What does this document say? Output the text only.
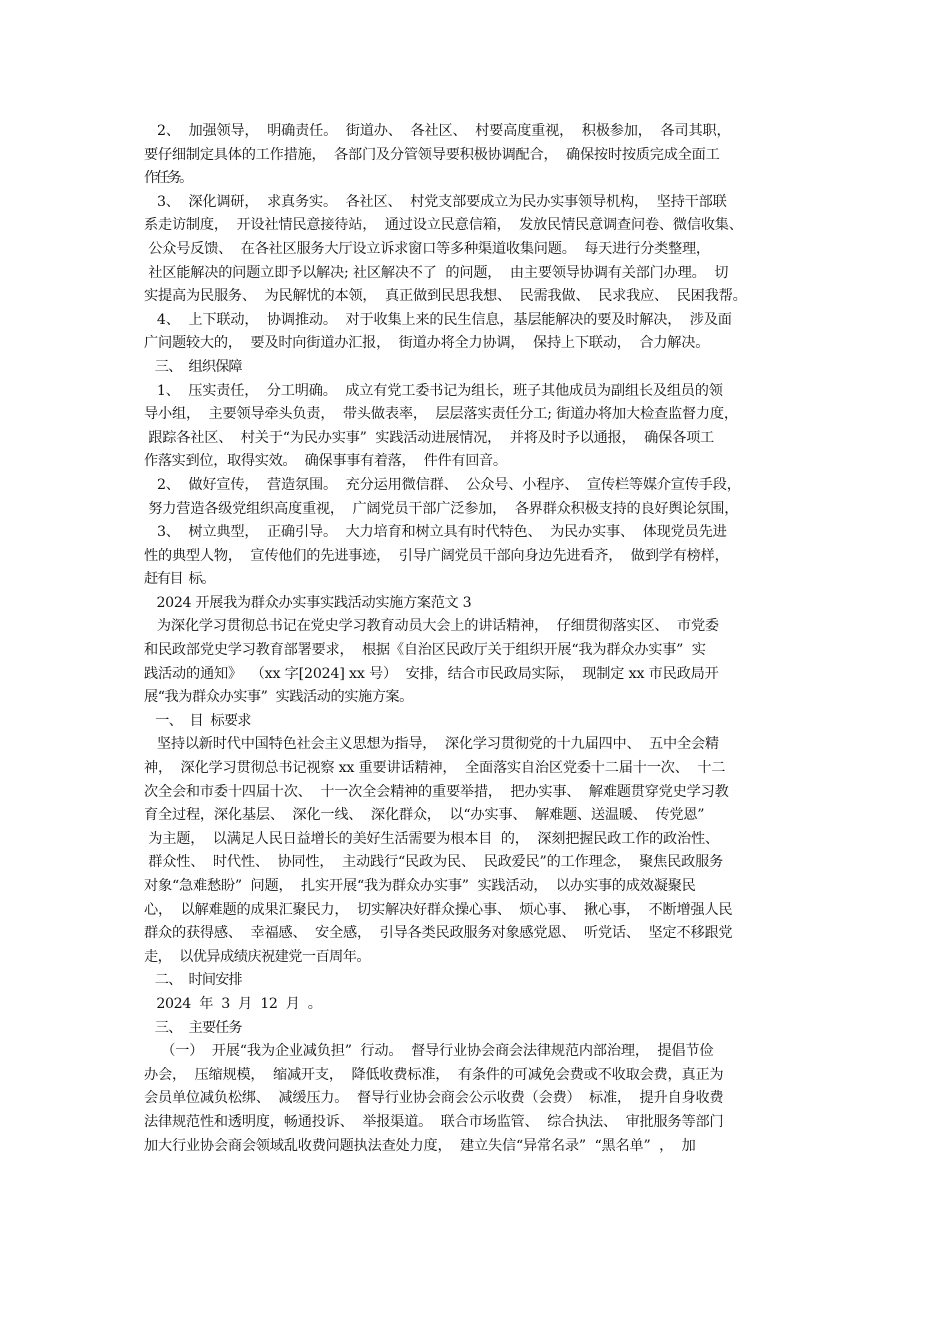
2、  加强领导，  明确责任。  街道办、  各社区、  村要高度重视，  积极参加，  各司其职，
要仔细制定具体的工作措施，  各部门及分管领导要积极协调配合，  确保按时按质完成全面工
作任务。
3、  深化调研，  求真务实。  各社区、  村党支部要成立为民办实事领导机构，  坚持干部联
系走访制度，  开设社情民意接待站，  通过设立民意信箱，  发放民情民意调查问卷、微信收集、
公众号反馈、  在各社区服务大厅设立诉求窗口等多种渠道收集问题。  每天进行分类整理，
社区能解决的问题立即予以解决; 社区解决不了  的问题，  由主要领导协调有关部门办理。  切
实提高为民服务、  为民解忧的本领，  真正做到民思我想、  民需我做、  民求我应、  民困我帮。
4、  上下联动，  协调推动。  对于收集上来的民生信息，基层能解决的要及时解决，  涉及面
广问题较大的，  要及时向街道办汇报，  街道办将全力协调，  保持上下联动，  合力解决。
三、  组织保障
1、  压实责任，  分工明确。  成立有党工委书记为组长，班子其他成员为副组长及组员的领
导小组，  主要领导牵头负责，  带头做表率，  层层落实责任分工; 街道办将加大检查监督力度，
跟踪各社区、  村关于“为民办实事”  实践活动进展情况，  并将及时予以通报，  确保各项工
作落实到位，取得实效。  确保事事有着落，  件件有回音。
2、  做好宣传，  营造氛围。  充分运用微信群、  公众号、小程序、  宣传栏等媒介宣传手段，
努力营造各级党组织高度重视，  广阔党员干部广泛参加，  各界群众积极支持的良好舆论氛围，
3、  树立典型，  正确引导。  大力培育和树立具有时代特色、  为民办实事、  体现党员先进
性的典型人物，  宣传他们的先进事迹，  引导广阔党员干部向身边先进看齐，  做到学有榜样，
赶有目  标。
2024 开展我为群众办实事实践活动实施方案范文 3
为深化学习贯彻总书记在党史学习教育动员大会上的讲话精神，  仔细贯彻落实区、  市党委
和民政部党史学习教育部署要求，  根据《自治区民政厅关于组织开展“我为群众办实事”  实
践活动的通知》  （xx 字[2024] xx 号）  安排，结合市民政局实际，  现制定 xx 市民政局开
展“我为群众办实事”  实践活动的实施方案。
一、  目  标要求
坚持以新时代中国特色社会主义思想为指导，  深化学习贯彻党的十九届四中、  五中全会精
神，  深化学习贯彻总书记视察 xx 重要讲话精神，  全面落实自治区党委十二届十一次、  十二
次全会和市委十四届十次、  十一次全会精神的重要举措，  把办实事、  解难题贯穿党史学习教
育全过程，深化基层、  深化一线、  深化群众，  以“办实事、  解难题、送温暖、  传党恩”
为主题，  以满足人民日益增长的美好生活需要为根本目  的，  深刻把握民政工作的政治性、
群众性、  时代性、  协同性，  主动践行“民政为民、  民政爱民”的工作理念，  聚焦民政服务
对象“急难愁盼”  问题，  扎实开展“我为群众办实事”  实践活动，  以办实事的成效凝聚民
心，  以解难题的成果汇聚民力，  切实解决好群众操心事、  烦心事、  揪心事，  不断增强人民
群众的获得感、  幸福感、  安全感，  引导各类民政服务对象感党恩、  听党话、  坚定不移跟党
走，  以优异成绩庆祝建党一百周年。
二、  时间安排
2024  年  3  月  12  月  。
三、  主要任务
（一）  开展“我为企业减负担”  行动。  督导行业协会商会法律规范内部治理，  提倡节俭
办会，  压缩规模，  缩减开支，  降低收费标准，  有条件的可减免会费或不收取会费，真正为
会员单位减负松绑、  减缓压力。  督导行业协会商会公示收费（会费）  标准，  提升自身收费
法律规范性和透明度，畅通投诉、  举报渠道。  联合市场监管、  综合执法、  审批服务等部门
加大行业协会商会领域乱收费问题执法查处力度，  建立失信“异常名录”  “黑名单”  ，  加
